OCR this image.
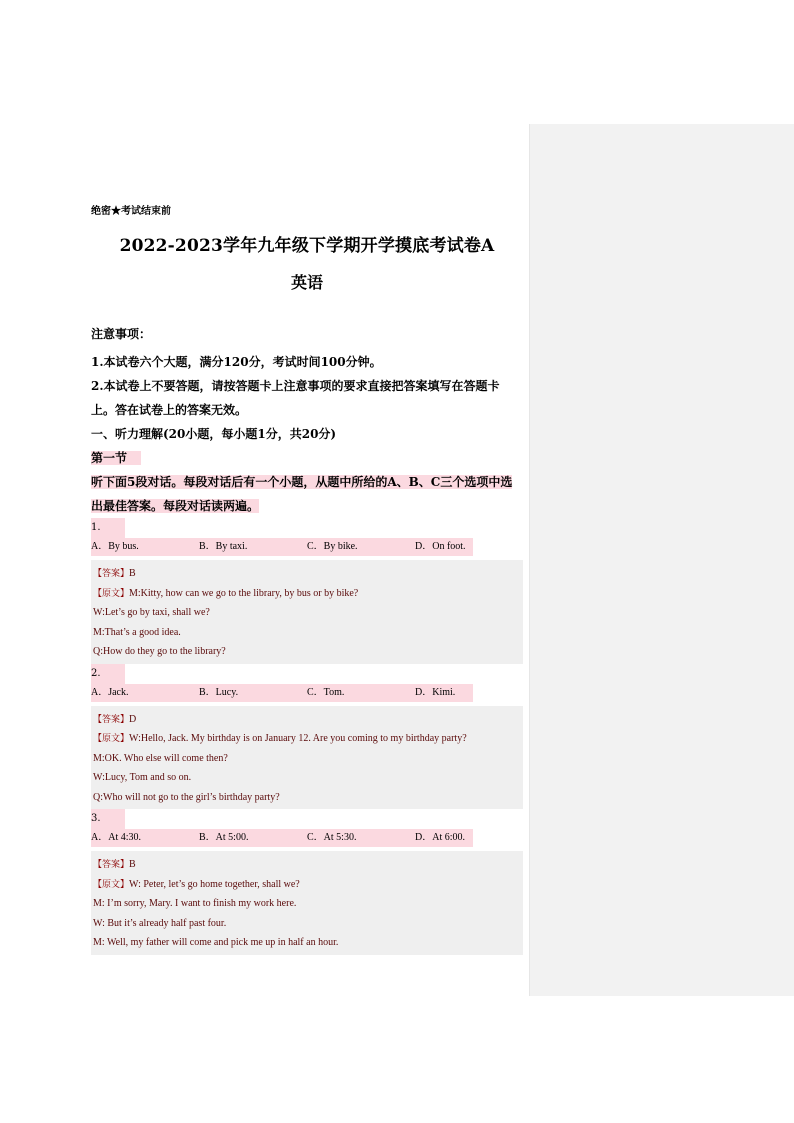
绝密★考试结束前
2022-2023学年九年级下学期开学摸底考试卷A
英语
注意事项：
1.本试卷六个大题，满分120分，考试时间100分钟。
2.本试卷上不要答题，请按答题卡上注意事项的要求直接把答案填写在答题卡上。答在试卷上的答案无效。
一、听力理解(20小题，每小题1分，共20分)
第一节
听下面5段对话。每段对话后有一个小题，从题中所给的A、B、C三个选项中选出最佳答案。每段对话读两遍。
1.
A．By bus.	B．By taxi.	C．By bike.	D．On foot.
【答案】B
【原文】M:Kitty, how can we go to the library, by bus or by bike?
W:Let’s go by taxi, shall we?
M:That’s a good idea.
Q:How do they go to the library?
2.
A．Jack.	B．Lucy.	C．Tom.	D．Kimi.
【答案】D
【原文】W:Hello, Jack. My birthday is on January 12. Are you coming to my birthday party?
M:OK. Who else will come then?
W:Lucy, Tom and so on.
Q:Who will not go to the girl’s birthday party?
3.
A．At 4:30.	B．At 5:00.	C．At 5:30.	D．At 6:00.
【答案】B
【原文】W: Peter, let’s go home together, shall we?
M: I’m sorry, Mary. I want to finish my work here.
W: But it’s already half past four.
M: Well, my father will come and pick me up in half an hour.
